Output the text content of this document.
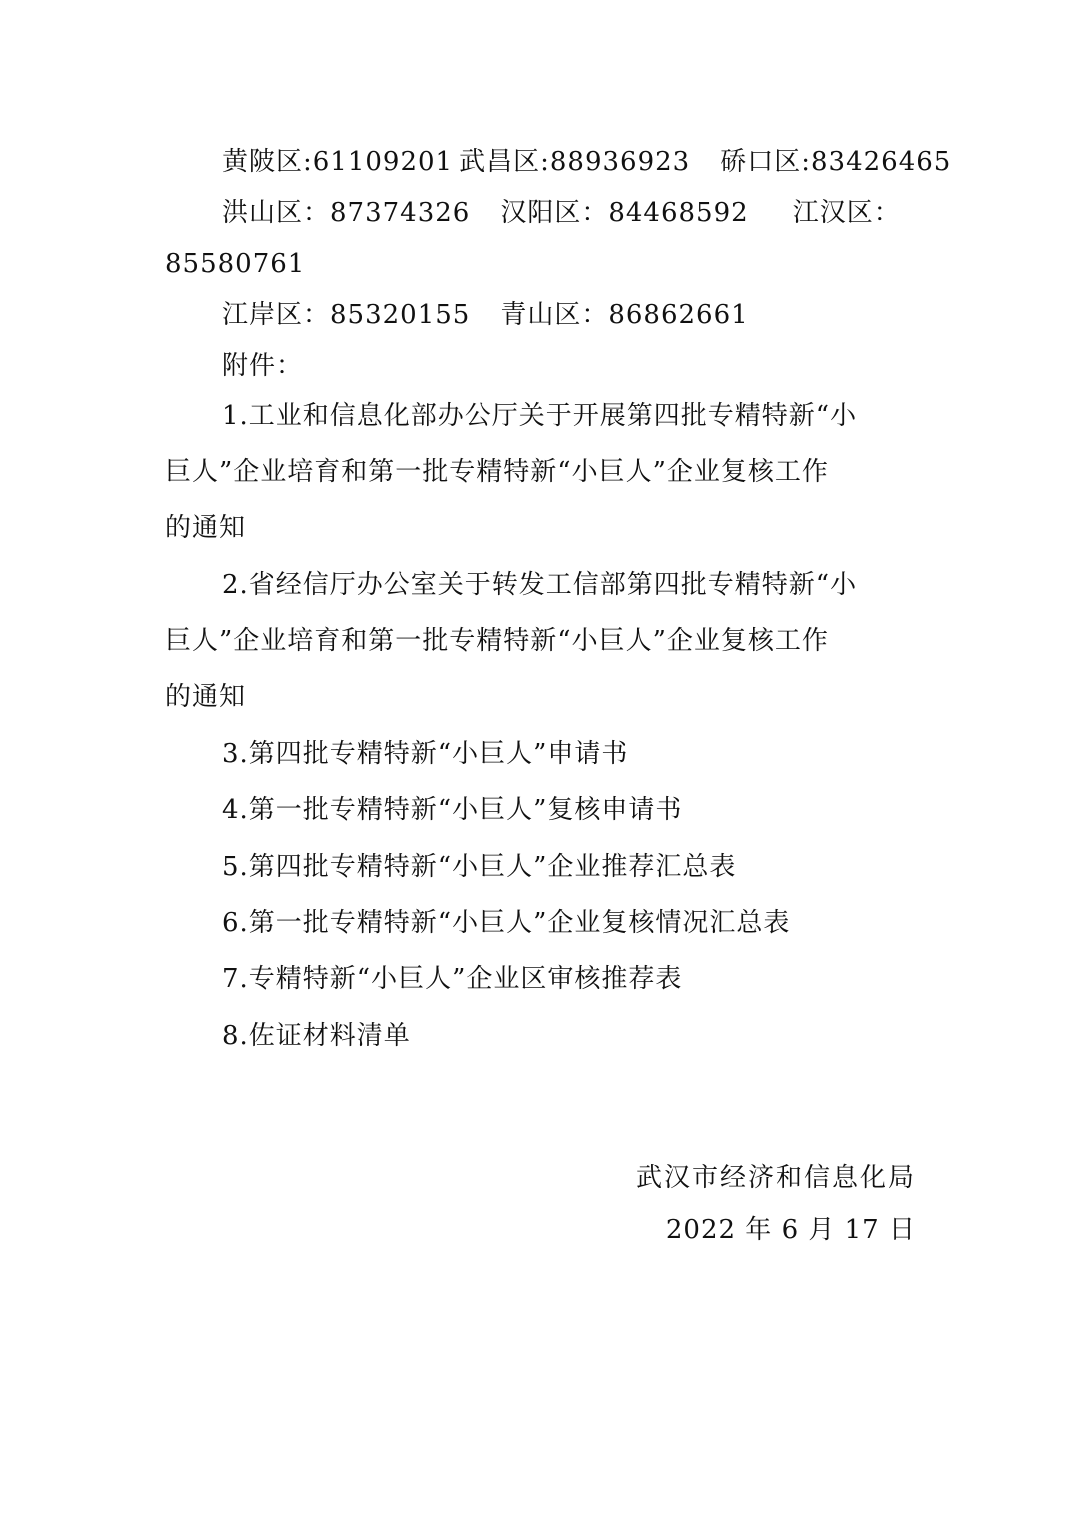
黄陂区:61109201 武昌区:88936923 硚口区:83426465
洪山区：87374326 汉阳区：84468592 江汉区：
85580761
江岸区：85320155 青山区：86862661
附件：
1.工业和信息化部办公厅关于开展第四批专精特新“小
巨人”企业培育和第一批专精特新“小巨人”企业复核工作
的通知
2.省经信厅办公室关于转发工信部第四批专精特新“小
巨人”企业培育和第一批专精特新“小巨人”企业复核工作
的通知
3.第四批专精特新“小巨人”申请书
4.第一批专精特新“小巨人”复核申请书
5.第四批专精特新“小巨人”企业推荐汇总表
6.第一批专精特新“小巨人”企业复核情况汇总表
7.专精特新“小巨人”企业区审核推荐表
8.佐证材料清单
武汉市经济和信息化局
2022 年 6 月 17 日
